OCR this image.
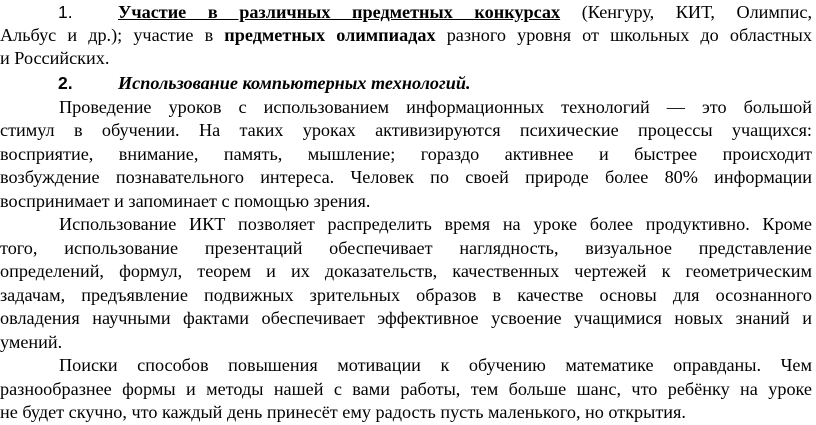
1. Участие в различных предметных конкурсах (Кенгуру, КИТ, Олимпис,
Альбус и др.); участие в предметных олимпиадах разного уровня от школьных до областных
и Российских.
2. Использование компьютерных технологий.
Проведение уроков с использованием информационных технологий — это большой
стимул в обучении. На таких уроках активизируются психические процессы учащихся:
восприятие, внимание, память, мышление; гораздо активнее и быстрее происходит
возбуждение познавательного интереса. Человек по своей природе более 80% информации
воспринимает и запоминает с помощью зрения.
Использование ИКТ позволяет распределить время на уроке более продуктивно. Кроме
того, использование презентаций обеспечивает наглядность, визуальное представление
определений, формул, теорем и их доказательств, качественных чертежей к геометрическим
задачам, предъявление подвижных зрительных образов в качестве основы для осознанного
овладения научными фактами обеспечивает эффективное усвоение учащимися новых знаний и
умений.
Поиски способов повышения мотивации к обучению математике оправданы. Чем
разнообразнее формы и методы нашей с вами работы, тем больше шанс, что ребёнку на уроке
не будет скучно, что каждый день принесёт ему радость пусть маленького, но открытия.
